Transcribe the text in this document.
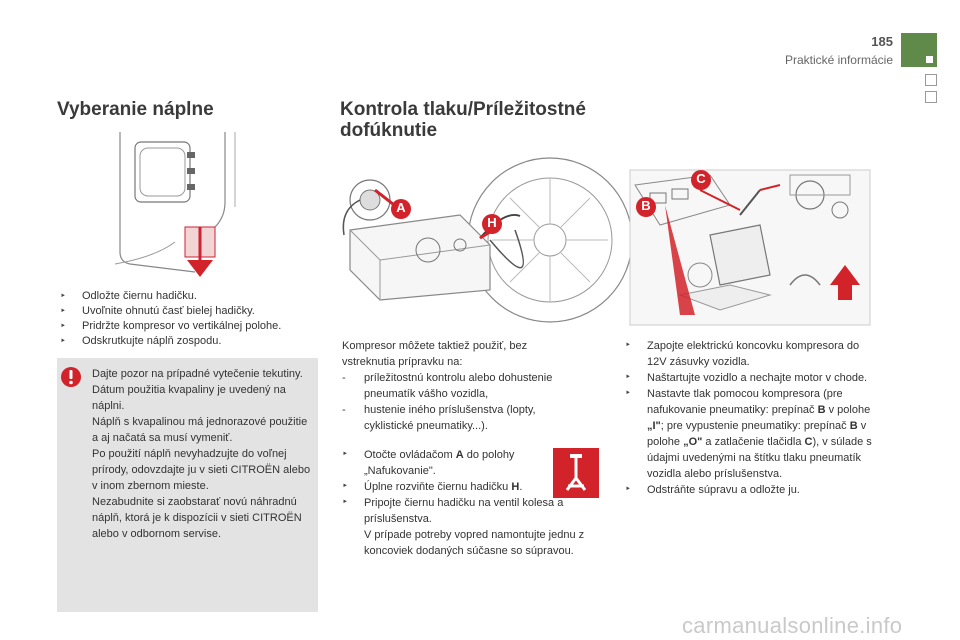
185
Praktické informácie
Vyberanie náplne
‣ Odložte čiernu hadičku.
‣ Uvoľnite ohnutú časť bielej hadičky.
‣ Pridržte kompresor vo vertikálnej polohe.
‣ Odskrutkujte náplň zospodu.

Dajte pozor na prípadné vytečenie tekutiny.
Dátum použitia kvapaliny je uvedený na náplni.
Náplň s kvapalinou má jednorazové použitie a aj načatá sa musí vymeniť.
Po použití náplň nevyhadzujte do voľnej prírody, odovzdajte ju v sieti CITROËN alebo v inom zbernom mieste.
Nezabudnite si zaobstarať novú náhradnú náplň, ktorá je k dispozícii v sieti CITROËN alebo v odbornom servise.

Kontrola tlaku/Príležitostné dofúknutie
A
H

Kompresor môžete taktiež použiť, bez vstreknutia prípravku na:

- príležitostnú kontrolu alebo dohustenie pneumatík vášho vozidla,
- hustenie iného príslušenstva (lopty, cyklistické pneumatiky...).
‣ Otočte ovládačom A do polohy „Nafukovanie".
‣ Úplne rozviňte čiernu hadičku H.
‣ Pripojte čiernu hadičku na ventil kolesa a príslušenstva.
V prípade potreby vopred namontujte jednu z koncoviek dodaných súčasne so súpravou.
B
C
‣ Zapojte elektrickú koncovku kompresora do 12V zásuvky vozidla.
‣ Naštartujte vozidlo a nechajte motor v chode.
‣ Nastavte tlak pomocou kompresora (pre nafukovanie pneumatiky: prepínač B v polohe „I"; pre vypustenie pneumatiky: prepínač B v polohe „O" a zatlačenie tlačidla C), v súlade s údajmi uvedenými na štítku tlaku pneumatík vozidla alebo príslušenstva.
‣ Odstráňte súpravu a odložte ju.
carmanualsonline.info
